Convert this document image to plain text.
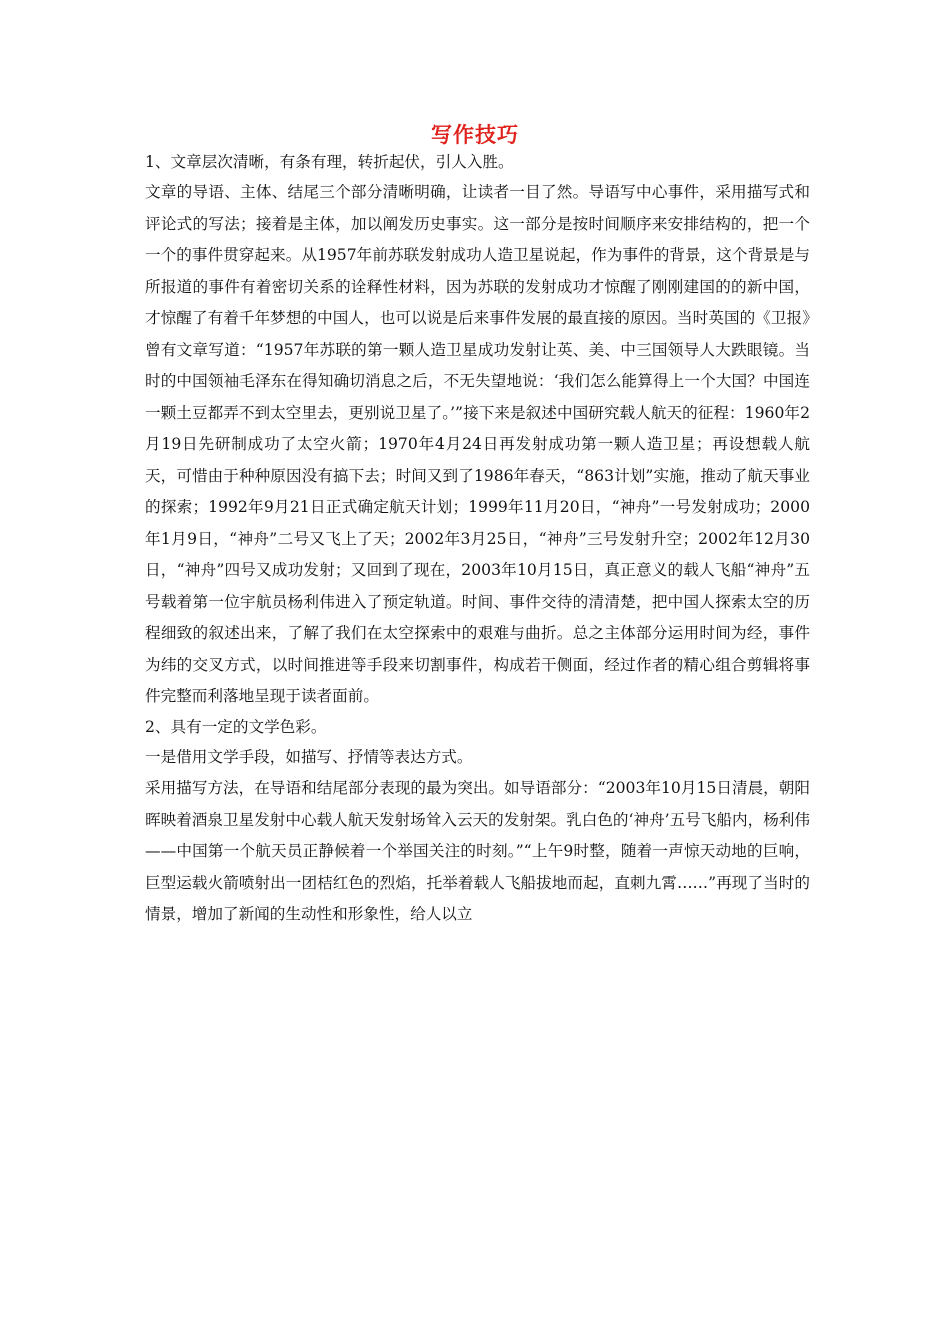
写作技巧

1、文章层次清晰，有条有理，转折起伏，引人入胜。

文章的导语、主体、结尾三个部分清晰明确，让读者一目了然。导语写中心事件，采用描写式和评论式的写法；接着是主体，加以阐发历史事实。这一部分是按时间顺序来安排结构的，把一个一个的事件贯穿起来。从1957年前苏联发射成功人造卫星说起，作为事件的背景，这个背景是与所报道的事件有着密切关系的诠释性材料，因为苏联的发射成功才惊醒了刚刚建国的的新中国，才惊醒了有着千年梦想的中国人，也可以说是后来事件发展的最直接的原因。当时英国的《卫报》曾有文章写道：“1957年苏联的第一颗人造卫星成功发射让英、美、中三国领导人大跌眼镜。当时的中国领袖毛泽东在得知确切消息之后，不无失望地说：‘我们怎么能算得上一个大国？中国连一颗土豆都弄不到太空里去，更别说卫星了。’”接下来是叙述中国研究载人航天的征程：1960年2月19日先研制成功了太空火箭；1970年4月24日再发射成功第一颗人造卫星；再设想载人航天，可惜由于种种原因没有搞下去；时间又到了1986年春天，“863计划”实施，推动了航天事业的探索；1992年9月21日正式确定航天计划；1999年11月20日，“神舟”一号发射成功；2000年1月9日，“神舟”二号又飞上了天；2002年3月25日，“神舟”三号发射升空；2002年12月30日，“神舟”四号又成功发射；又回到了现在，2003年10月15日，真正意义的载人飞船“神舟”五号载着第一位宇航员杨利伟进入了预定轨道。时间、事件交待的清清楚，把中国人探索太空的历程细致的叙述出来，了解了我们在太空探索中的艰难与曲折。总之主体部分运用时间为经，事件为纬的交叉方式，以时间推进等手段来切割事件，构成若干侧面，经过作者的精心组合剪辑将事件完整而利落地呈现于读者面前。

2、具有一定的文学色彩。

一是借用文学手段，如描写、抒情等表达方式。

采用描写方法，在导语和结尾部分表现的最为突出。如导语部分：“2003年10月15日清晨，朝阳晖映着酒泉卫星发射中心载人航天发射场耸入云天的发射架。乳白色的‘神舟’五号飞船内，杨利伟——中国第一个航天员正静候着一个举国关注的时刻。”“上午9时整，随着一声惊天动地的巨响，巨型运载火箭喷射出一团桔红色的烈焰，托举着载人飞船拔地而起，直刺九霄……”再现了当时的情景，增加了新闻的生动性和形象性，给人以立
